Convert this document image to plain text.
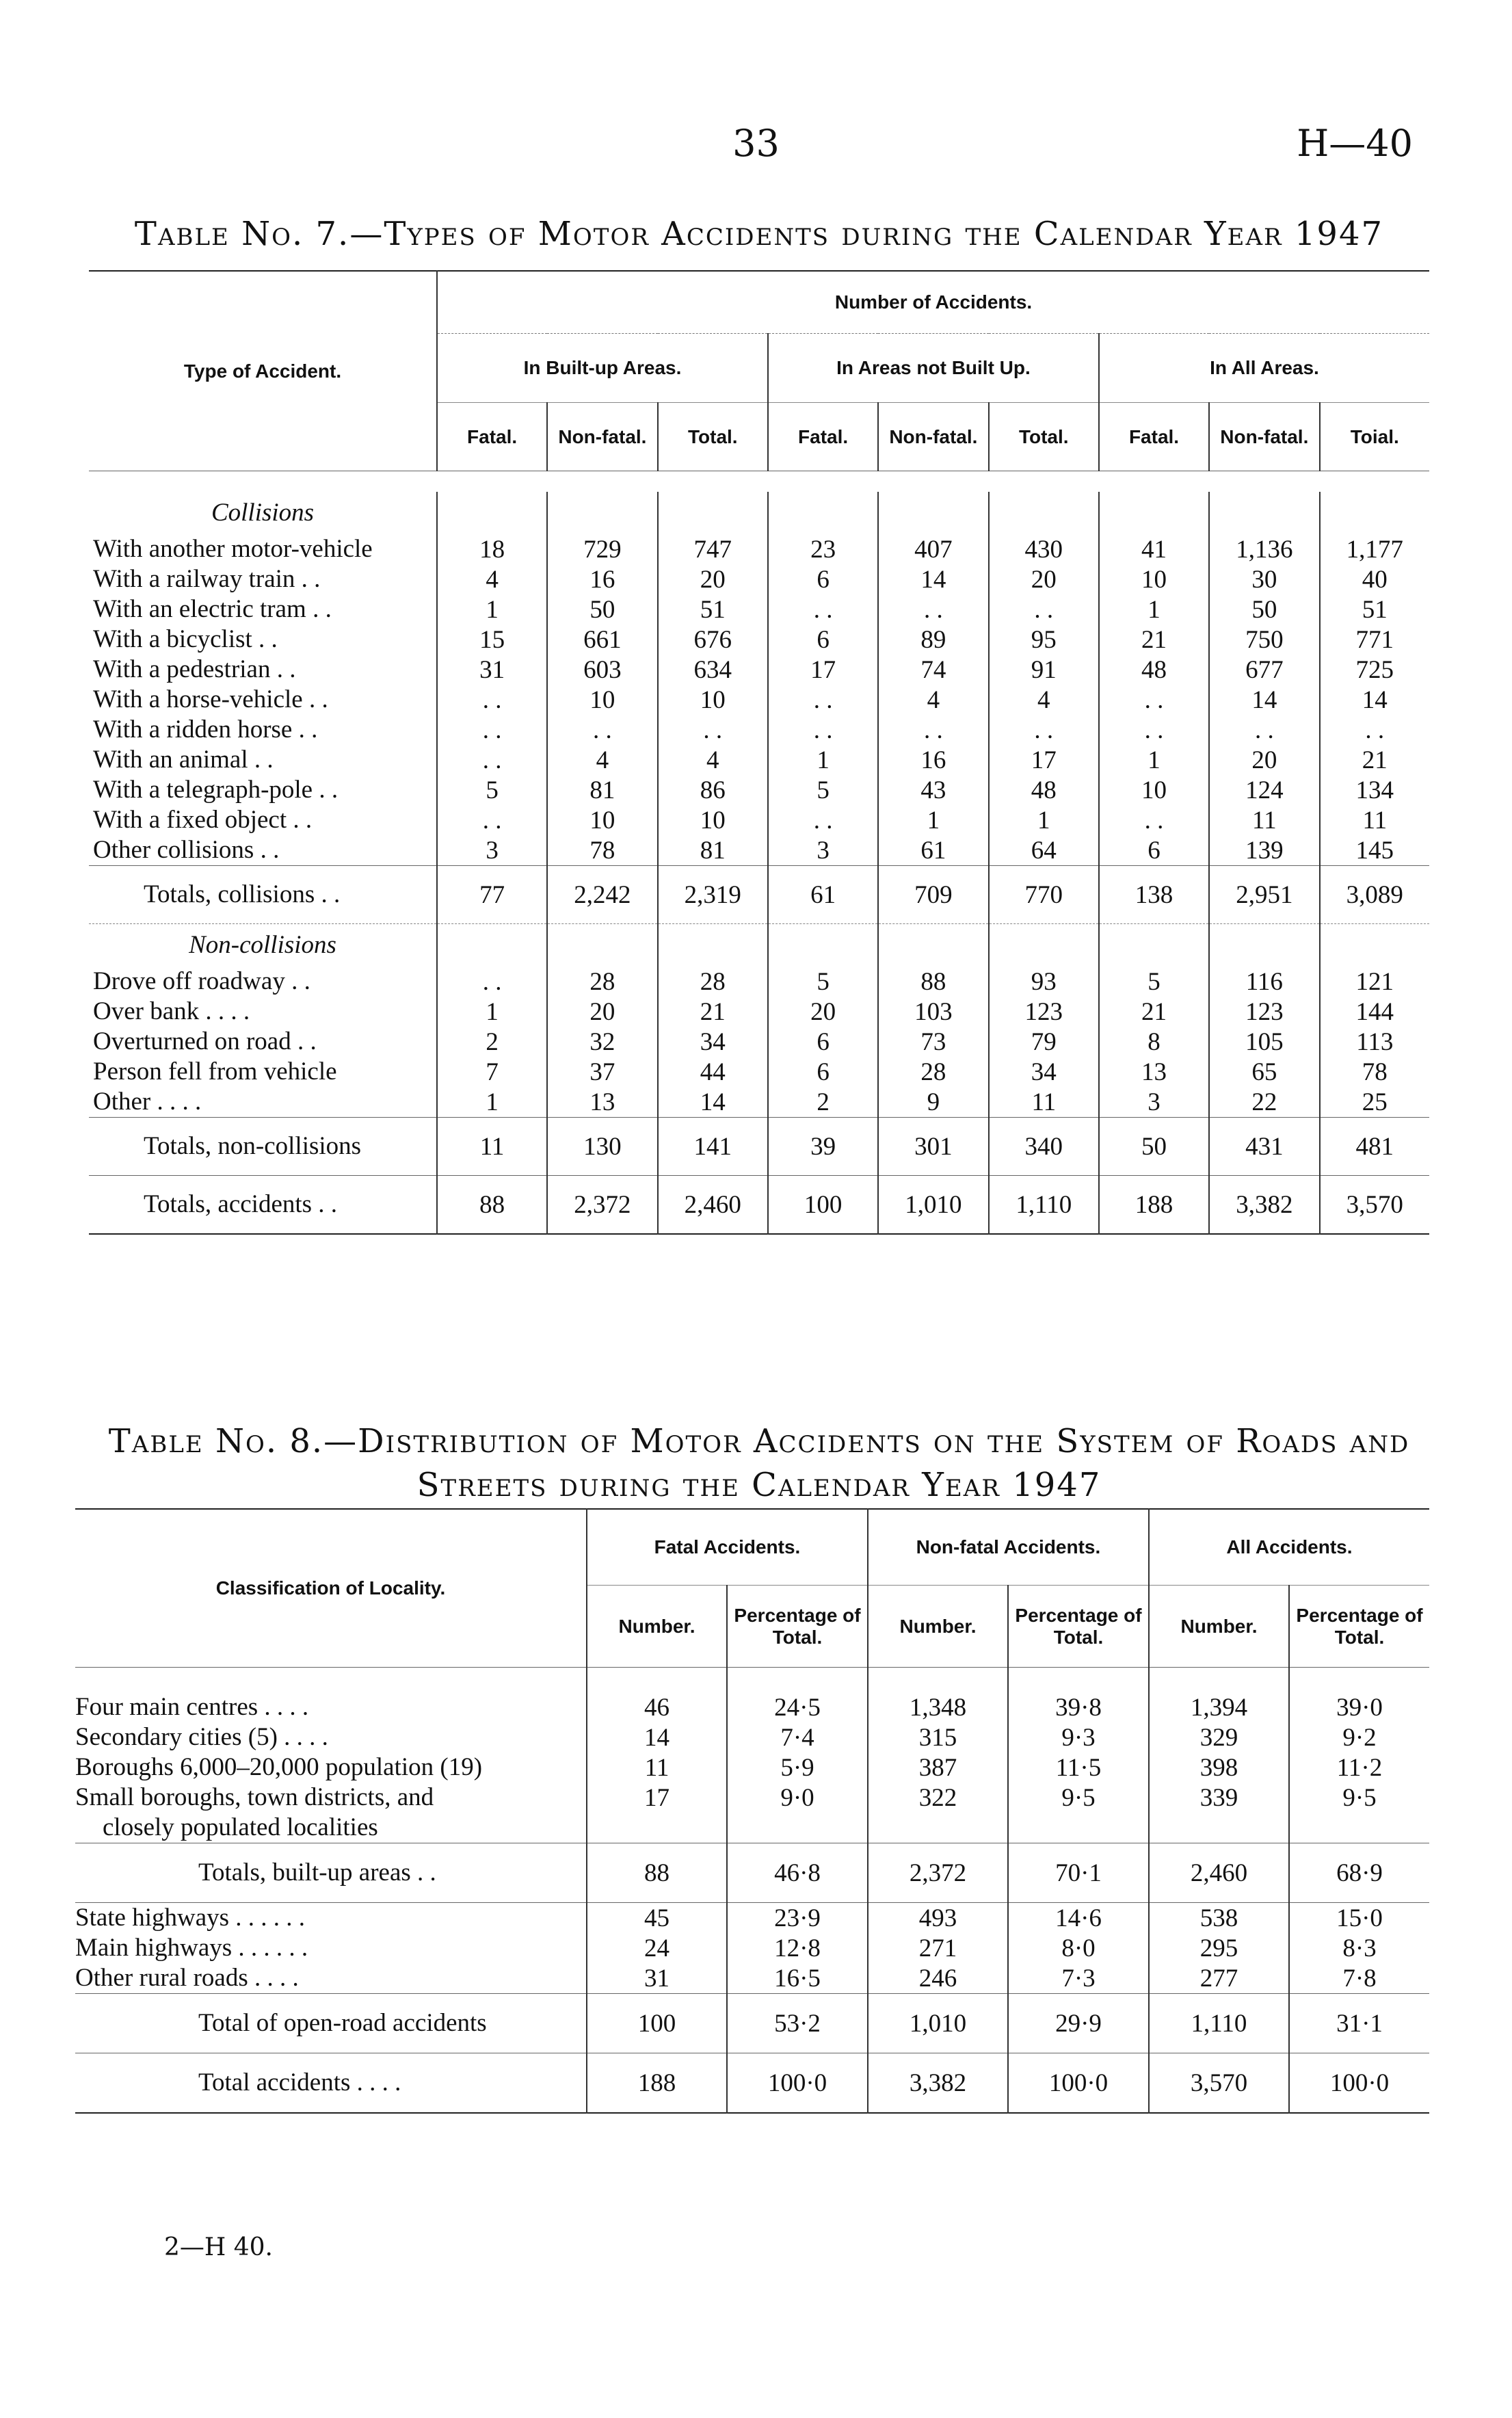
33	H—40
Table No. 7.—Types of Motor Accidents during the Calendar Year 1947
Type of Accident.	Number of Accidents.								
	In Built-up Areas.			In Areas not Built Up.			In All Areas.		
	Fatal.	Non-fatal.	Total.	Fatal.	Non-fatal.	Total.	Fatal.	Non-fatal.	Toial.

Collisions									
With another motor-vehicle	18	729	747	23	407	430	41	1,136	1,177
With a railway train . .	4	16	20	6	14	20	10	30	40
With an electric tram . .	1	50	51	. .	. .	. .	1	50	51
With a bicyclist . .	15	661	676	6	89	95	21	750	771
With a pedestrian . .	31	603	634	17	74	91	48	677	725
With a horse-vehicle . .	. .	10	10	. .	4	4	. .	14	14
With a ridden horse . .	. .	. .	. .	. .	. .	. .	. .	. .	. .
With an animal . .	. .	4	4	1	16	17	1	20	21
With a telegraph-pole . .	5	81	86	5	43	48	10	124	134
With a fixed object . .	. .	10	10	. .	1	1	. .	11	11
Other collisions . .	3	78	81	3	61	64	6	139	145
Totals, collisions . .	77	2,242	2,319	61	709	770	138	2,951	3,089
Non-collisions									
Drove off roadway . .	. .	28	28	5	88	93	5	116	121
Over bank . . . .	1	20	21	20	103	123	21	123	144
Overturned on road . .	2	32	34	6	73	79	8	105	113
Person fell from vehicle	7	37	44	6	28	34	13	65	78
Other . . . .	1	13	14	2	9	11	3	22	25
Totals, non-collisions	11	130	141	39	301	340	50	431	481
Totals, accidents . .	88	2,372	2,460	100	1,010	1,110	188	3,382	3,570
Table No. 8.—Distribution of Motor Accidents on the System of Roads and
Streets during the Calendar Year 1947
Classification of Locality.	Fatal Accidents.		Non-fatal Accidents.		All Accidents.	
	Number.	Percentage of Total.	Number.	Percentage of Total.	Number.	Percentage of Total.

Four main centres . . . .	46	24·5	1,348	39·8	1,394	39·0
Secondary cities (5) . . . .	14	7·4	315	9·3	329	9·2
Boroughs 6,000–20,000 population (19)	11	5·9	387	11·5	398	11·2
Small boroughs, town districts, and	17	9·0	322	9·5	339	9·5
closely populated localities						
Totals, built-up areas . .	88	46·8	2,372	70·1	2,460	68·9
State highways . . . . . .	45	23·9	493	14·6	538	15·0
Main highways . . . . . .	24	12·8	271	8·0	295	8·3
Other rural roads . . . .	31	16·5	246	7·3	277	7·8
Total of open-road accidents	100	53·2	1,010	29·9	1,110	31·1
Total accidents . . . .	188	100·0	3,382	100·0	3,570	100·0
2—H 40.
